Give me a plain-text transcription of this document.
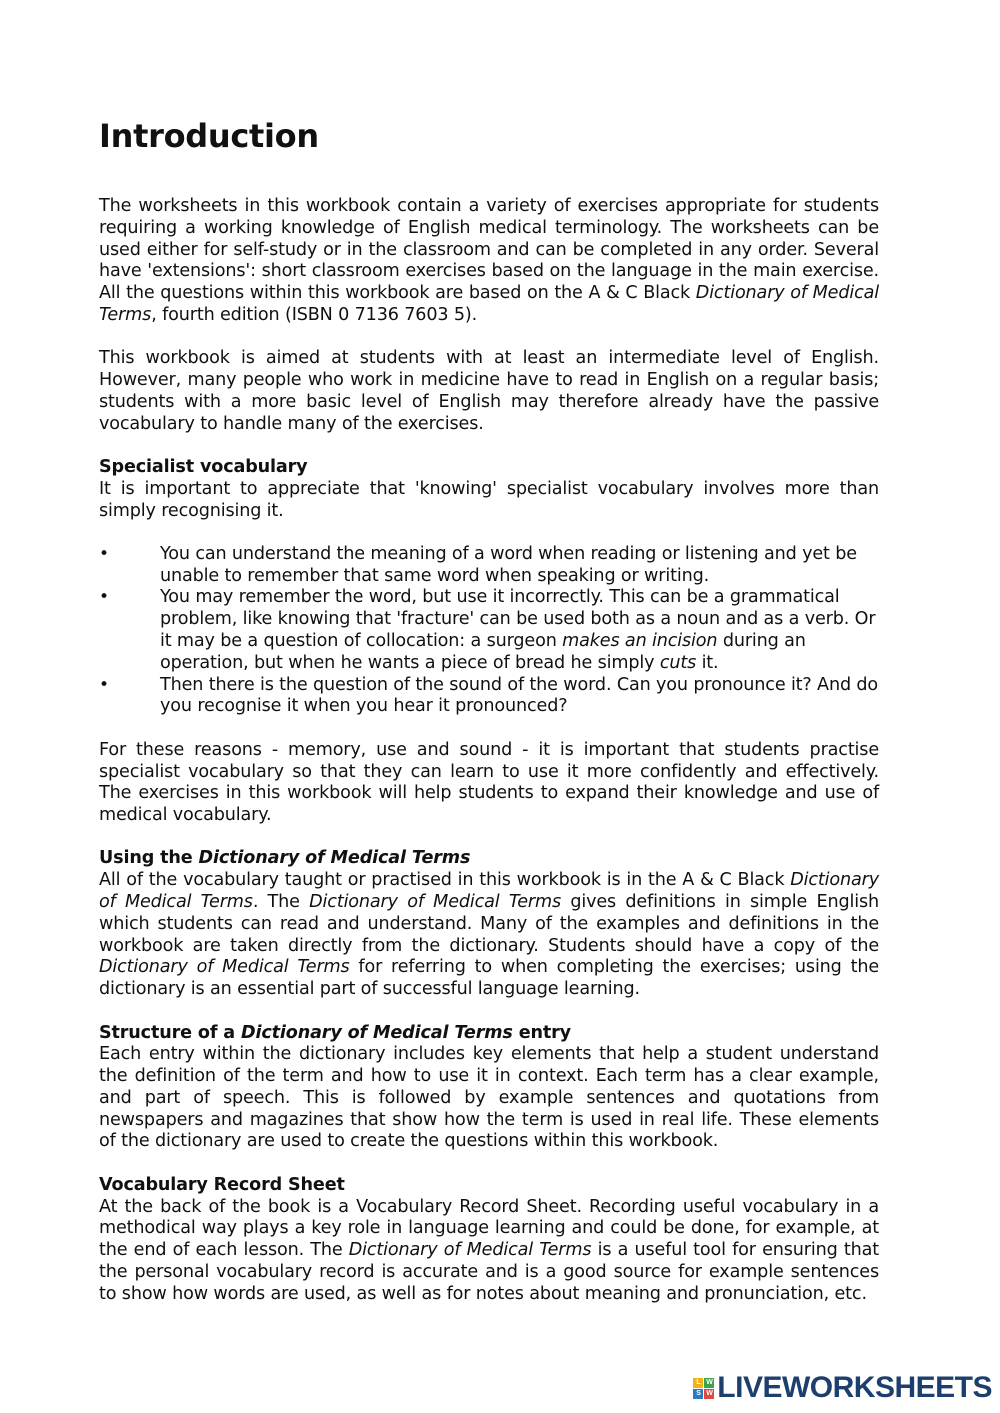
Introduction

The worksheets in this workbook contain a variety of exercises appropriate for students requiring a working knowledge of English medical terminology. The worksheets can be used either for self-study or in the classroom and can be completed in any order. Several have 'extensions': short classroom exercises based on the language in the main exercise. All the questions within this workbook are based on the A & C Black Dictionary of Medical Terms, fourth edition (ISBN 0 7136 7603 5).

This workbook is aimed at students with at least an intermediate level of English. However, many people who work in medicine have to read in English on a regular basis; students with a more basic level of English may therefore already have the passive vocabulary to handle many of the exercises.

Specialist vocabulary

It is important to appreciate that 'knowing' specialist vocabulary involves more than simply recognising it.

•	You can understand the meaning of a word when reading or listening and yet be unable to remember that same word when speaking or writing.
•	You may remember the word, but use it incorrectly. This can be a grammatical problem, like knowing that 'fracture' can be used both as a noun and as a verb. Or it may be a question of collocation: a surgeon makes an incision during an operation, but when he wants a piece of bread he simply cuts it.
•	Then there is the question of the sound of the word. Can you pronounce it? And do you recognise it when you hear it pronounced?

For these reasons - memory, use and sound - it is important that students practise specialist vocabulary so that they can learn to use it more confidently and effectively. The exercises in this workbook will help students to expand their knowledge and use of medical vocabulary.

Using the Dictionary of Medical Terms

All of the vocabulary taught or practised in this workbook is in the A & C Black Dictionary of Medical Terms. The Dictionary of Medical Terms gives definitions in simple English which students can read and understand. Many of the examples and definitions in the workbook are taken directly from the dictionary. Students should have a copy of the Dictionary of Medical Terms for referring to when completing the exercises; using the dictionary is an essential part of successful language learning.

Structure of a Dictionary of Medical Terms entry

Each entry within the dictionary includes key elements that help a student understand the definition of the term and how to use it in context. Each term has a clear example, and part of speech. This is followed by example sentences and quotations from newspapers and magazines that show how the term is used in real life. These elements of the dictionary are used to create the questions within this workbook.

Vocabulary Record Sheet

At the back of the book is a Vocabulary Record Sheet. Recording useful vocabulary in a methodical way plays a key role in language learning and could be done, for example, at the end of each lesson. The Dictionary of Medical Terms is a useful tool for ensuring that the personal vocabulary record is accurate and is a good source for example sentences to show how words are used, as well as for notes about meaning and pronunciation, etc.

L W
S W LIVEWORKSHEETS
